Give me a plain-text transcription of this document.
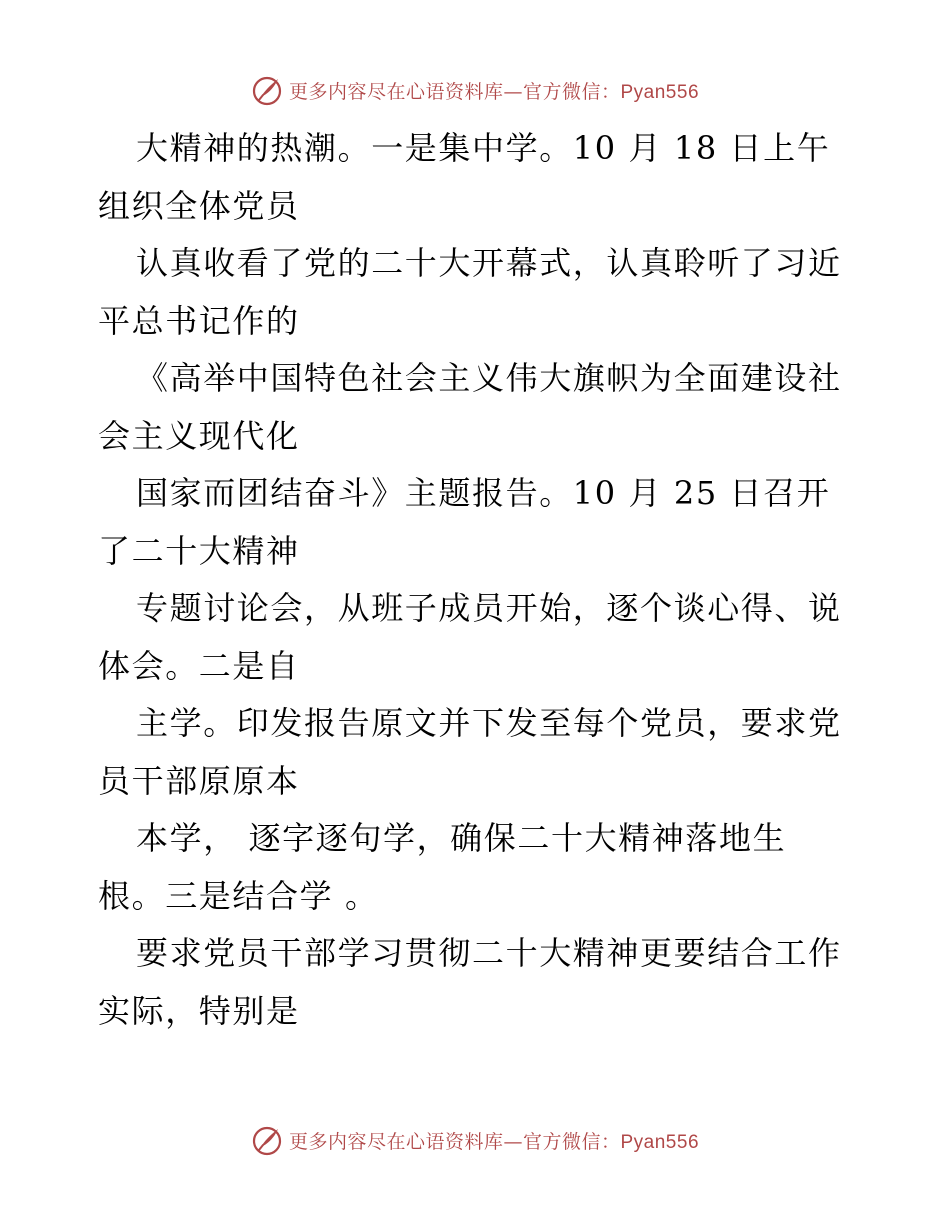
更多内容尽在心语资料库—官方微信：Pyan556
大精神的热潮。一是集中学。10 月 18 日上午
组织全体党员
认真收看了党的二十大开幕式，认真聆听了习近
平总书记作的
《高举中国特色社会主义伟大旗帜为全面建设社
会主义现代化
国家而团结奋斗》主题报告。10 月 25 日召开
了二十大精神
专题讨论会，从班子成员开始，逐个谈心得、说
体会。二是自
主学。印发报告原文并下发至每个党员，要求党
员干部原原本
本学， 逐字逐句学，确保二十大精神落地生
根。三是结合学 。
要求党员干部学习贯彻二十大精神更要结合工作
实际，特别是
更多内容尽在心语资料库—官方微信：Pyan556
